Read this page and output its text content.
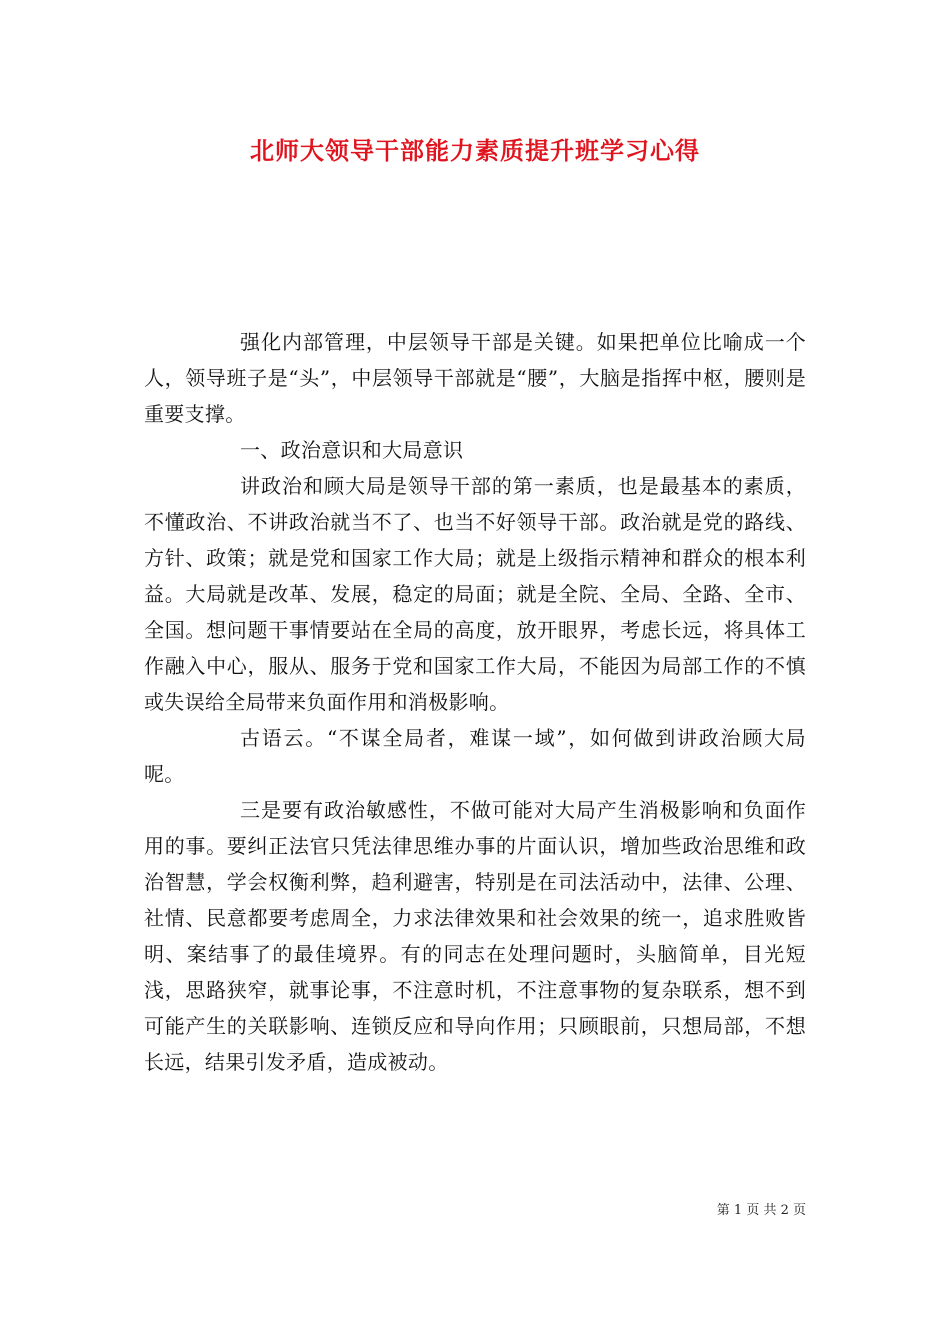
北师大领导干部能力素质提升班学习心得

强化内部管理，中层领导干部是关键。如果把单位比喻成一个人，领导班子是“头”，中层领导干部就是“腰”，大脑是指挥中枢，腰则是重要支撑。

一、政治意识和大局意识

讲政治和顾大局是领导干部的第一素质，也是最基本的素质，不懂政治、不讲政治就当不了、也当不好领导干部。政治就是党的路线、方针、政策；就是党和国家工作大局；就是上级指示精神和群众的根本利益。大局就是改革、发展，稳定的局面；就是全院、全局、全路、全市、全国。想问题干事情要站在全局的高度，放开眼界，考虑长远，将具体工作融入中心，服从、服务于党和国家工作大局，不能因为局部工作的不慎或失误给全局带来负面作用和消极影响。

古语云。“不谋全局者，难谋一域”，如何做到讲政治顾大局呢。

三是要有政治敏感性，不做可能对大局产生消极影响和负面作用的事。要纠正法官只凭法律思维办事的片面认识，增加些政治思维和政治智慧，学会权衡利弊，趋利避害，特别是在司法活动中，法律、公理、社情、民意都要考虑周全，力求法律效果和社会效果的统一，追求胜败皆明、案结事了的最佳境界。有的同志在处理问题时，头脑简单，目光短浅，思路狭窄，就事论事，不注意时机，不注意事物的复杂联系，想不到可能产生的关联影响、连锁反应和导向作用；只顾眼前，只想局部，不想长远，结果引发矛盾，造成被动。

第 1 页 共 2 页
